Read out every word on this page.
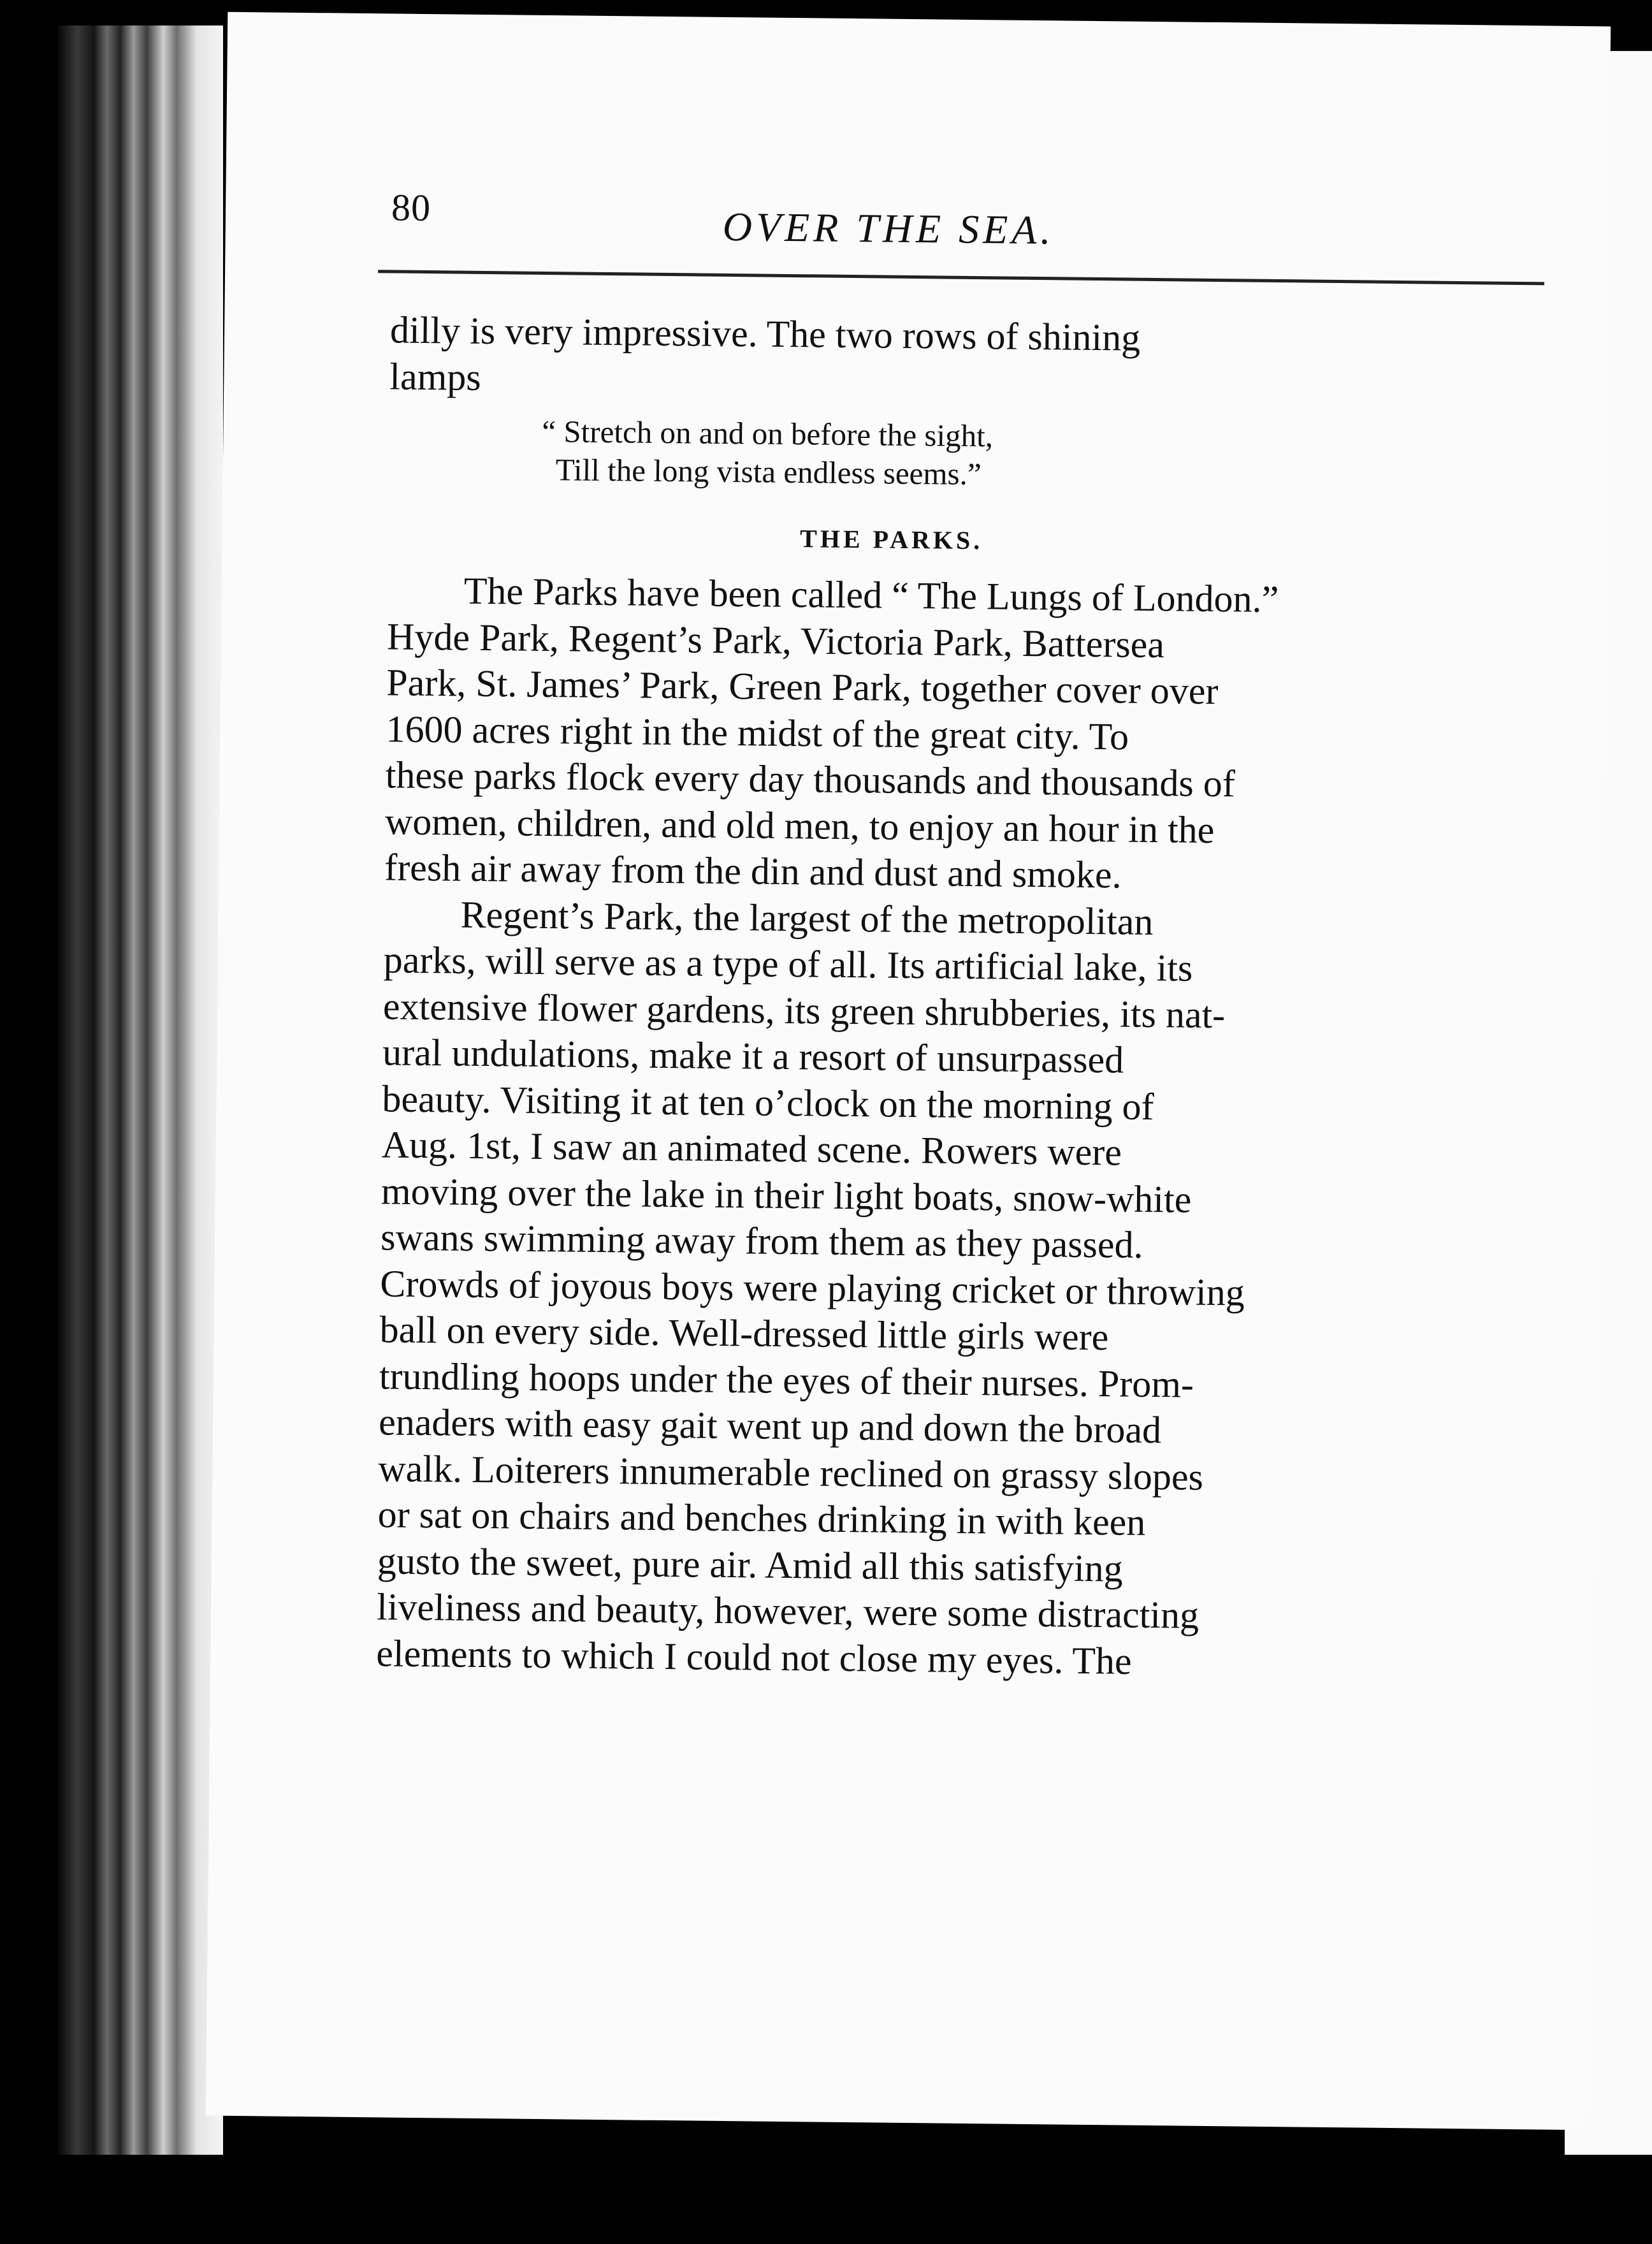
80	OVER THE SEA.
dilly is very impressive. The two rows of shining
lamps
“ Stretch on and on before the sight,
Till the long vista endless seems.”
THE PARKS.
The Parks have been called “ The Lungs of London.”
Hyde Park, Regent’s Park, Victoria Park, Battersea
Park, St. James’ Park, Green Park, together cover over
1600 acres right in the midst of the great city. To
these parks flock every day thousands and thousands of
women, children, and old men, to enjoy an hour in the
fresh air away from the din and dust and smoke.
Regent’s Park, the largest of the metropolitan
parks, will serve as a type of all. Its artificial lake, its
extensive flower gardens, its green shrubberies, its nat-
ural undulations, make it a resort of unsurpassed
beauty. Visiting it at ten o’clock on the morning of
Aug. 1st, I saw an animated scene. Rowers were
moving over the lake in their light boats, snow-white
swans swimming away from them as they passed.
Crowds of joyous boys were playing cricket or throwing
ball on every side. Well-dressed little girls were
trundling hoops under the eyes of their nurses. Prom-
enaders with easy gait went up and down the broad
walk. Loiterers innumerable reclined on grassy slopes
or sat on chairs and benches drinking in with keen
gusto the sweet, pure air. Amid all this satisfying
liveliness and beauty, however, were some distracting
elements to which I could not close my eyes. The
